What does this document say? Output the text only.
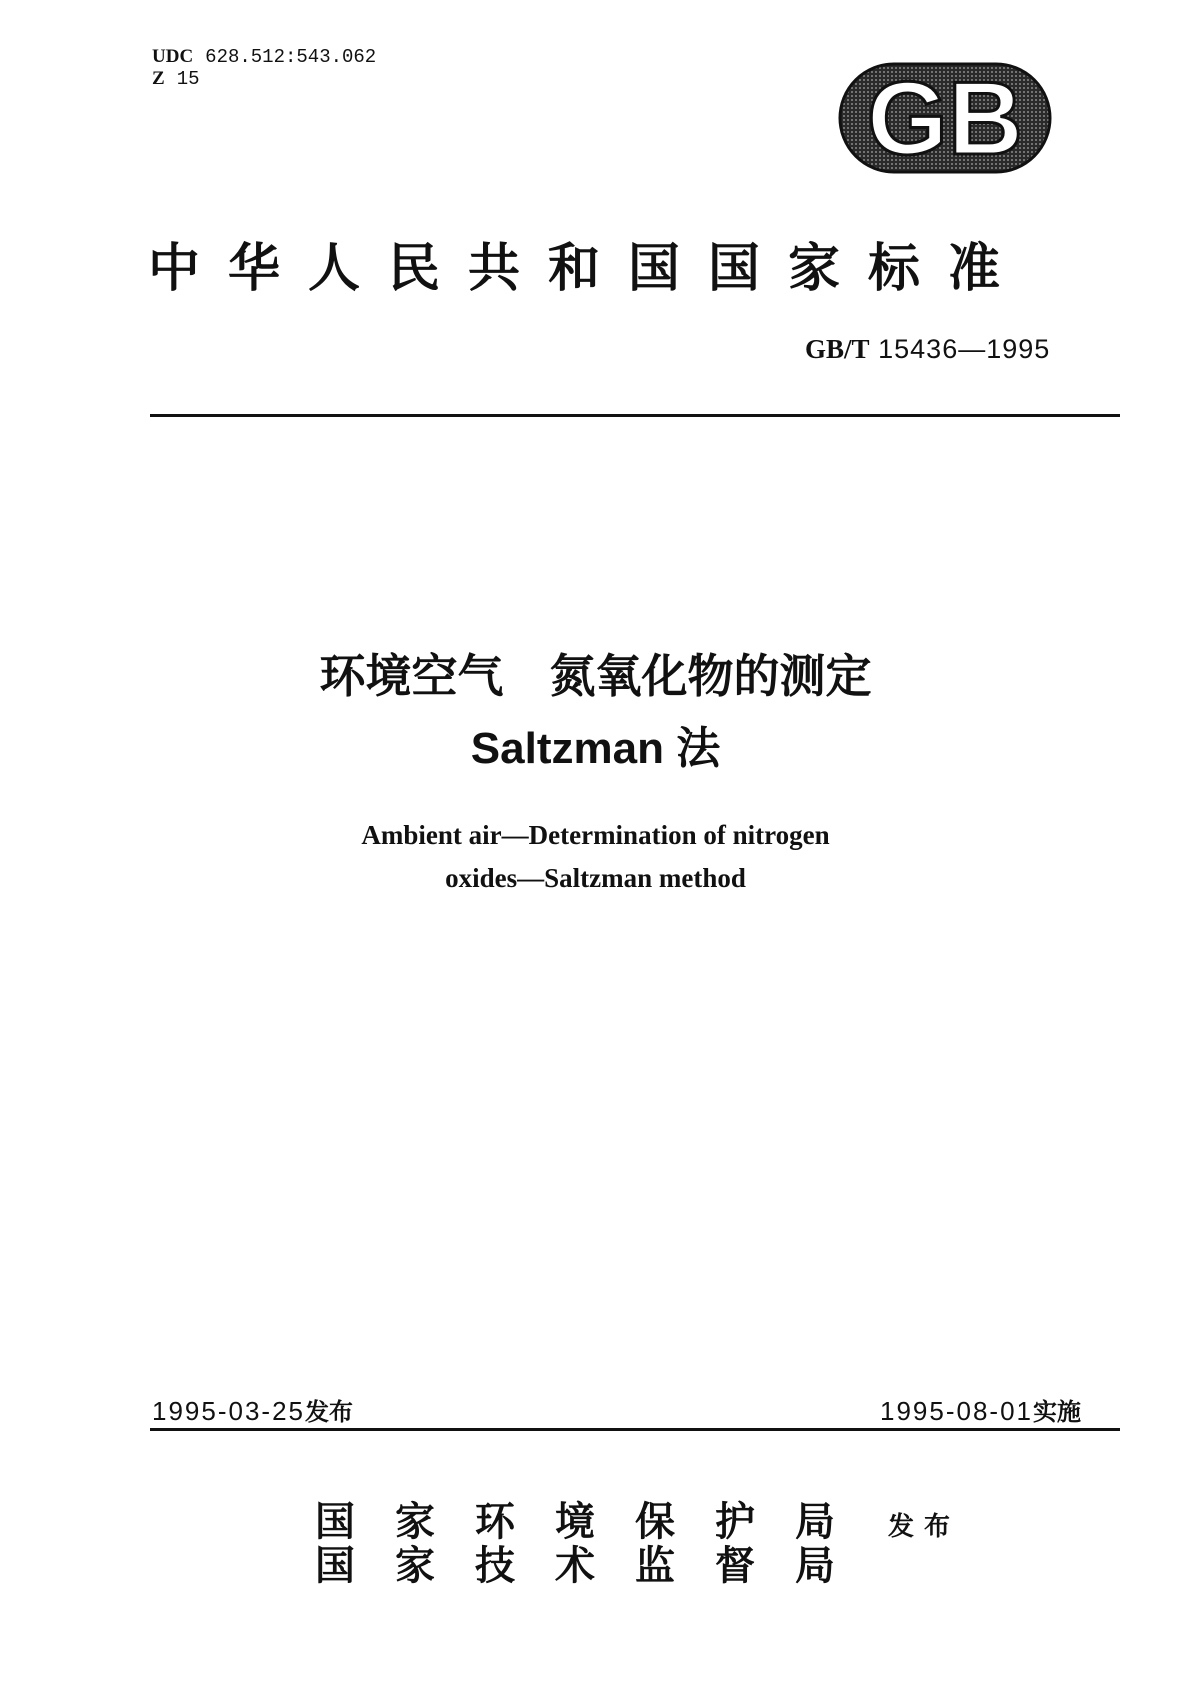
UDC 628.512:543.062
Z 15	GB
中华人民共和国国家标准
GB/T 15436—1995
环境空气　氮氧化物的测定
Saltzman 法
Ambient air—Determination of nitrogen
oxides—Saltzman method
1995-03-25发布	1995-08-01实施
国家环境保护局
国家技术监督局
发布
